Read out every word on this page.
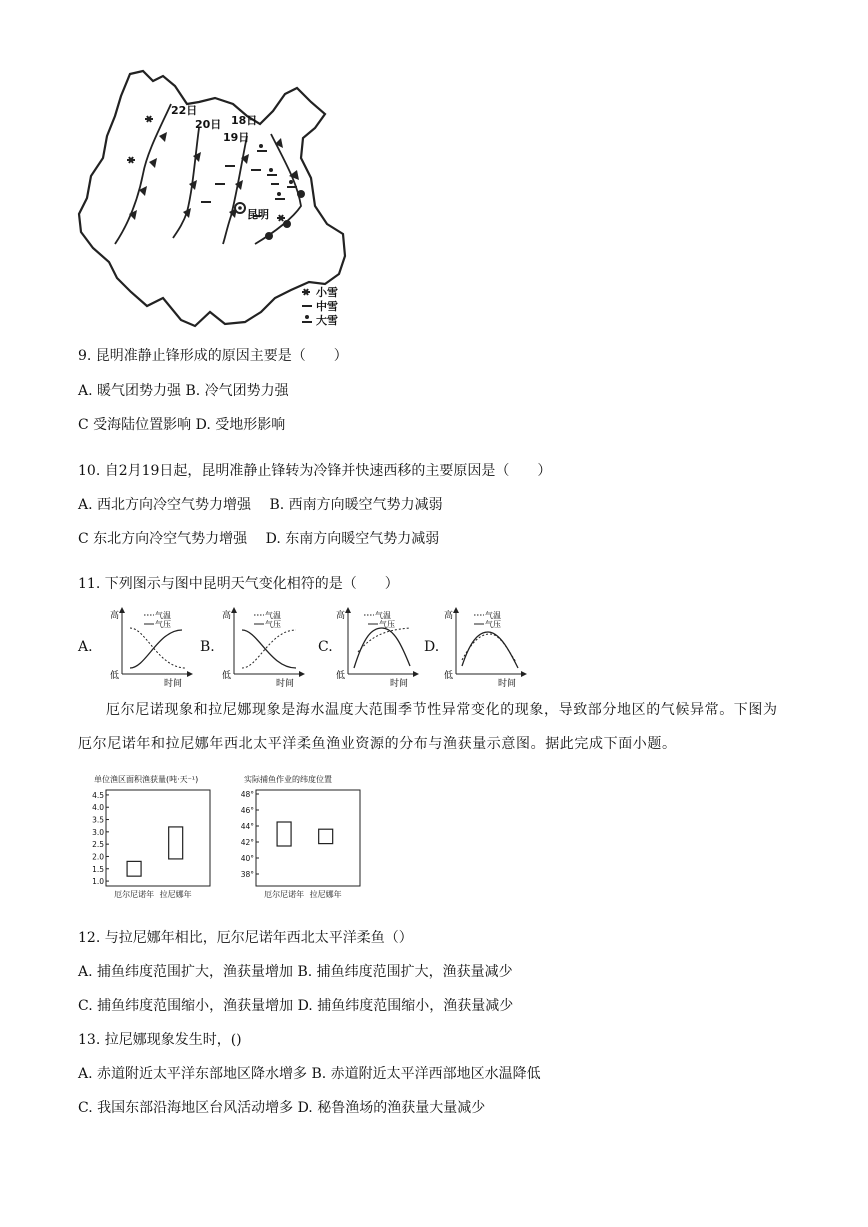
昆明
22日
20日 18日
19日
小雪
中雪
大雪
9. 昆明准静止锋形成的原因主要是（　　）
A. 暖气团势力强 B. 冷气团势力强
C 受海陆位置影响 D. 受地形影响
10. 自2月19日起，昆明准静止锋转为冷锋并快速西移的主要原因是（　　）
A. 西北方向冷空气势力增强　 B. 西南方向暖空气势力减弱
C 东北方向冷空气势力增强　 D. 东南方向暖空气势力减弱
11. 下列图示与图中昆明天气变化相符的是（　　）
A.	B.	C.	D.
高
低
时间
气温
气压
高
低
时间
气温
气压
高
低
时间
气温
气压
高
低
时间
气温
气压
厄尔尼诺现象和拉尼娜现象是海水温度大范围季节性异常变化的现象，导致部分地区的气候异常。下图为厄尔尼诺年和拉尼娜年西北太平洋柔鱼渔业资源的分布与渔获量示意图。据此完成下面小题。
单位渔区面积渔获量(吨·天⁻¹)
4.5
4.0
3.5
3.0
2.5
2.0
1.5
1.0
厄尔尼诺年 拉尼娜年
实际捕鱼作业的纬度位置
48°
46°
44°
42°
40°
38°
厄尔尼诺年 拉尼娜年
12. 与拉尼娜年相比，厄尔尼诺年西北太平洋柔鱼（）
A. 捕鱼纬度范围扩大，渔获量增加 B. 捕鱼纬度范围扩大，渔获量减少
C. 捕鱼纬度范围缩小，渔获量增加 D. 捕鱼纬度范围缩小，渔获量减少
13. 拉尼娜现象发生时，()
A. 赤道附近太平洋东部地区降水增多 B. 赤道附近太平洋西部地区水温降低
C. 我国东部沿海地区台风活动增多 D. 秘鲁渔场的渔获量大量减少
